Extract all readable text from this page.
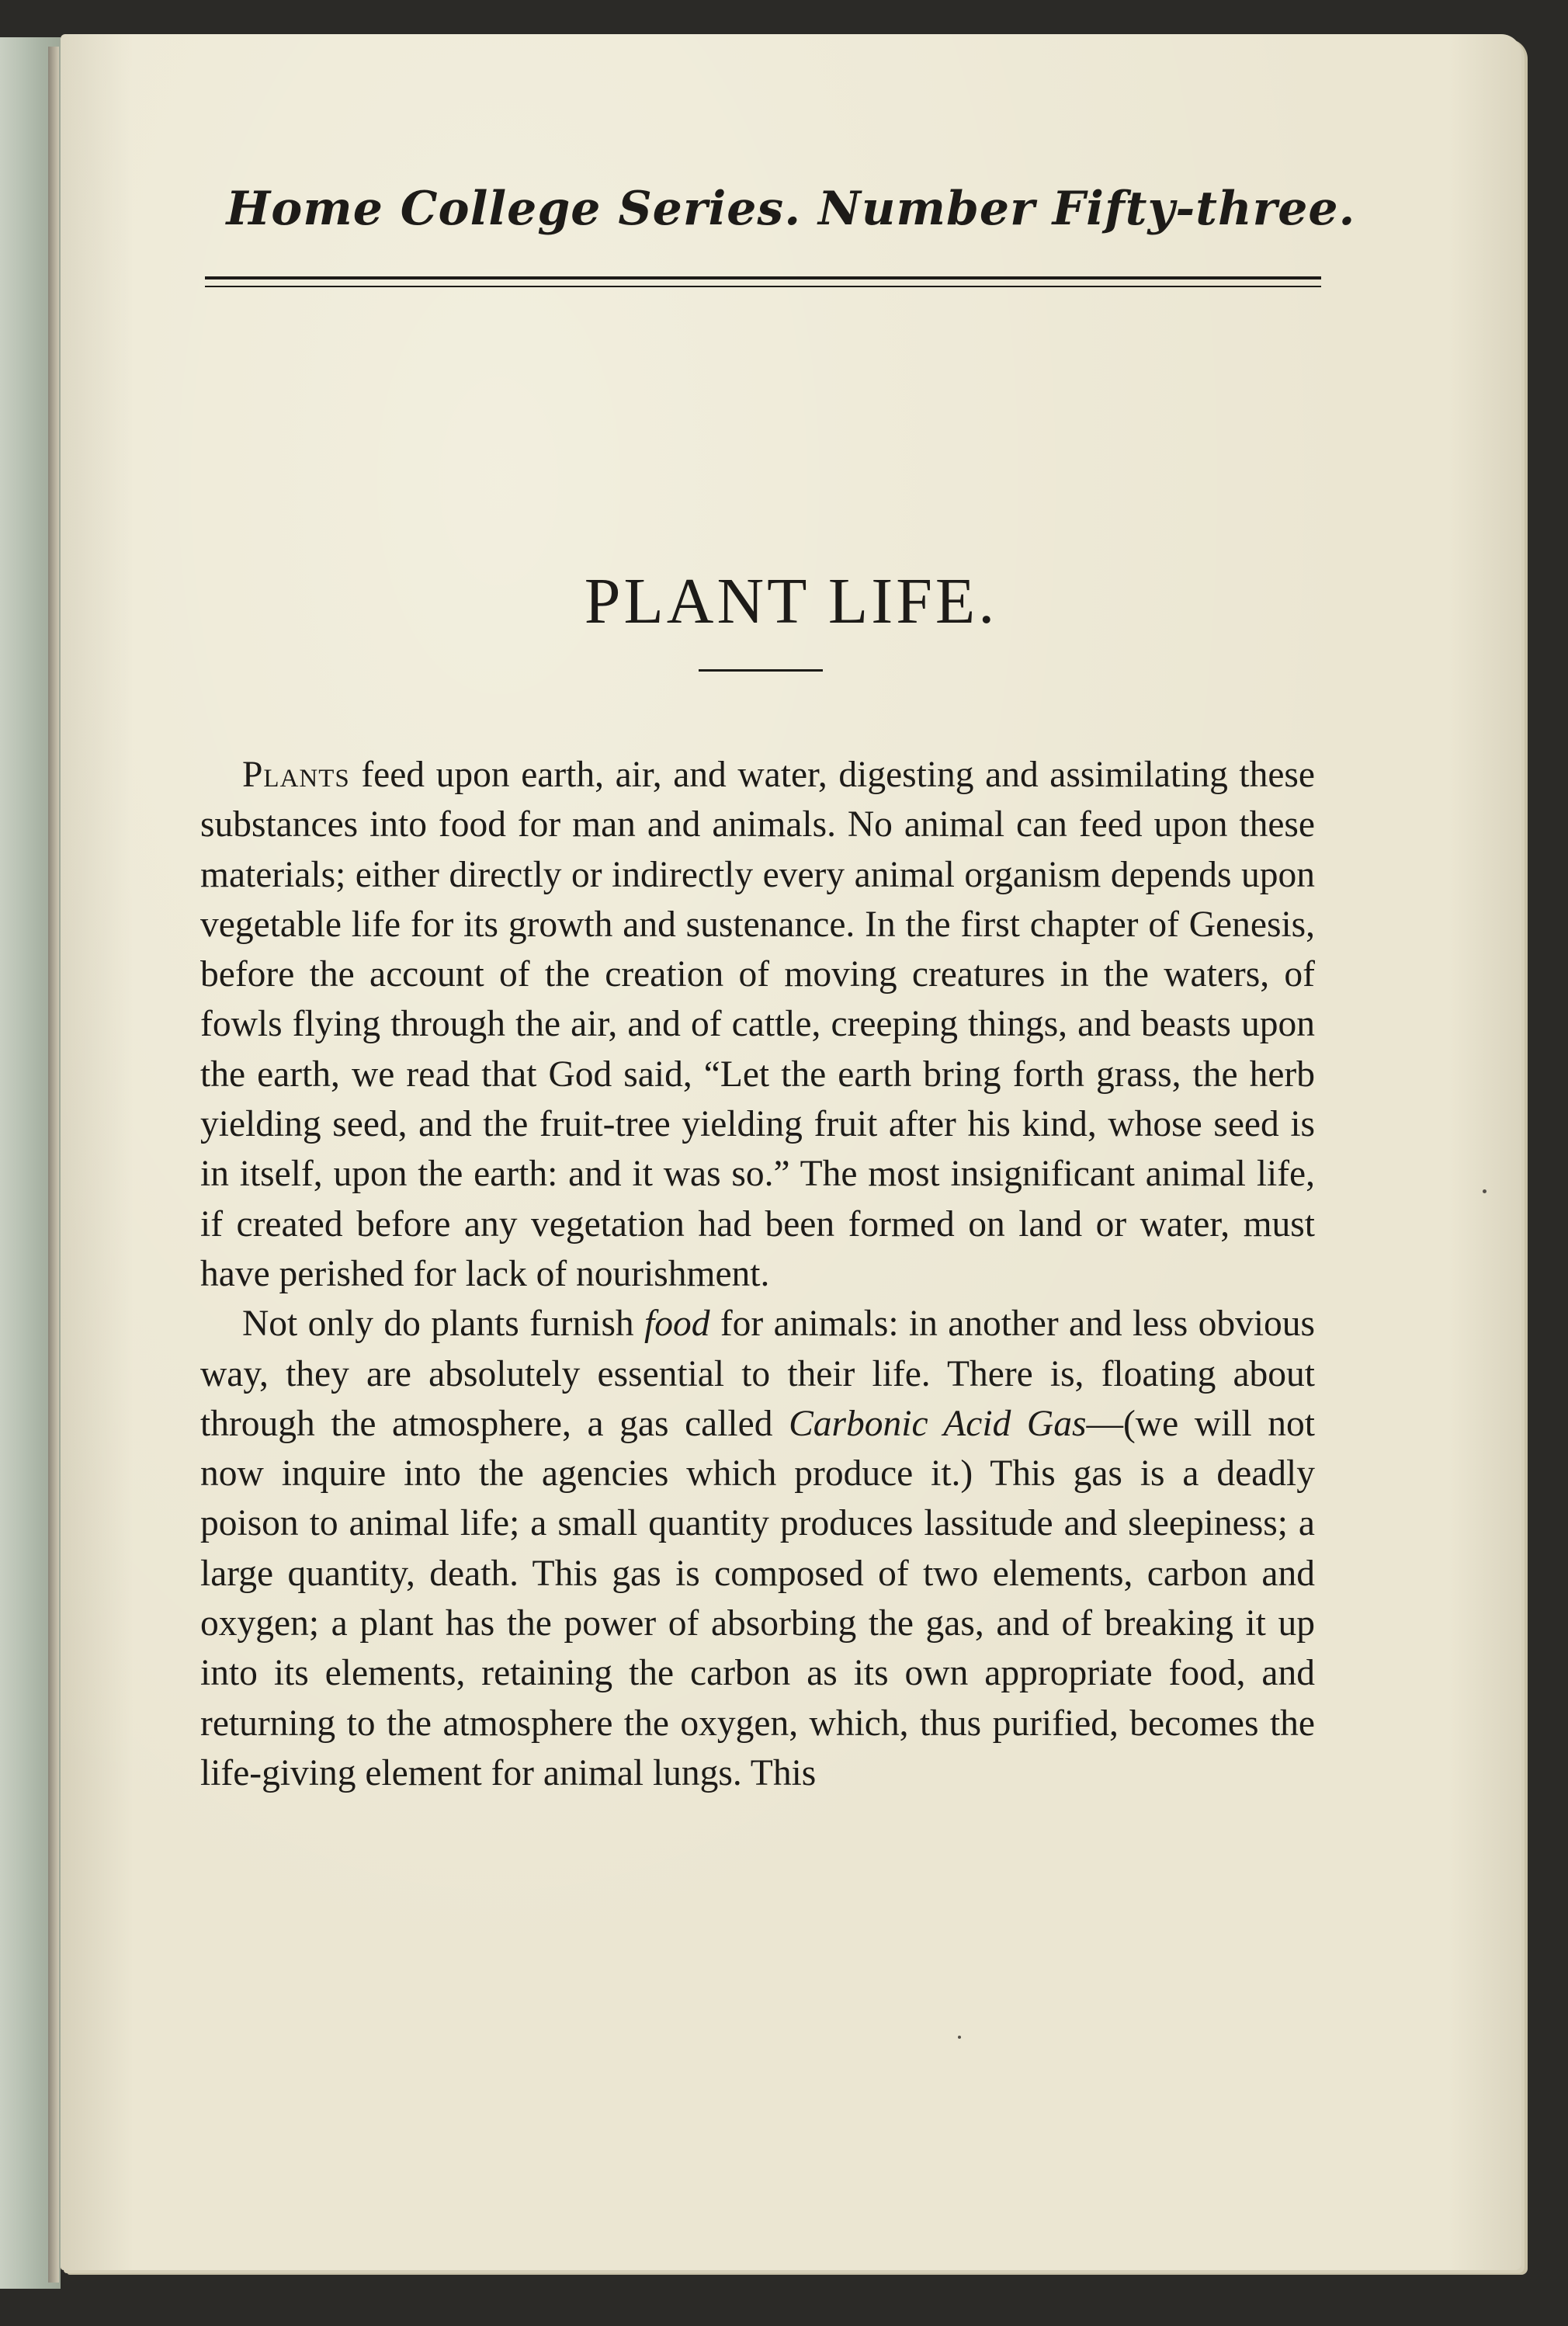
Home College Series. Number Fifty-three.
PLANT LIFE.

Plants feed upon earth, air, and water, digesting and assimilating these substances into food for man and animals. No animal can feed upon these materials; either directly or indirectly every animal organism depends upon vegetable life for its growth and sustenance. In the first chapter of Genesis, before the account of the creation of moving creatures in the waters, of fowls flying through the air, and of cattle, creeping things, and beasts upon the earth, we read that God said, “Let the earth bring forth grass, the herb yielding seed, and the fruit-tree yielding fruit after his kind, whose seed is in itself, upon the earth: and it was so.” The most insignificant animal life, if created before any vegetation had been formed on land or water, must have perished for lack of nourishment.

Not only do plants furnish food for animals: in another and less obvious way, they are absolutely essential to their life. There is, floating about through the atmosphere, a gas called Carbonic Acid Gas—(we will not now inquire into the agencies which produce it.) This gas is a deadly poison to animal life; a small quantity produces lassitude and sleepiness; a large quantity, death. This gas is composed of two elements, carbon and oxygen; a plant has the power of absorbing the gas, and of breaking it up into its elements, retaining the carbon as its own appropriate food, and returning to the atmosphere the oxygen, which, thus purified, becomes the life-giving element for animal lungs. This
